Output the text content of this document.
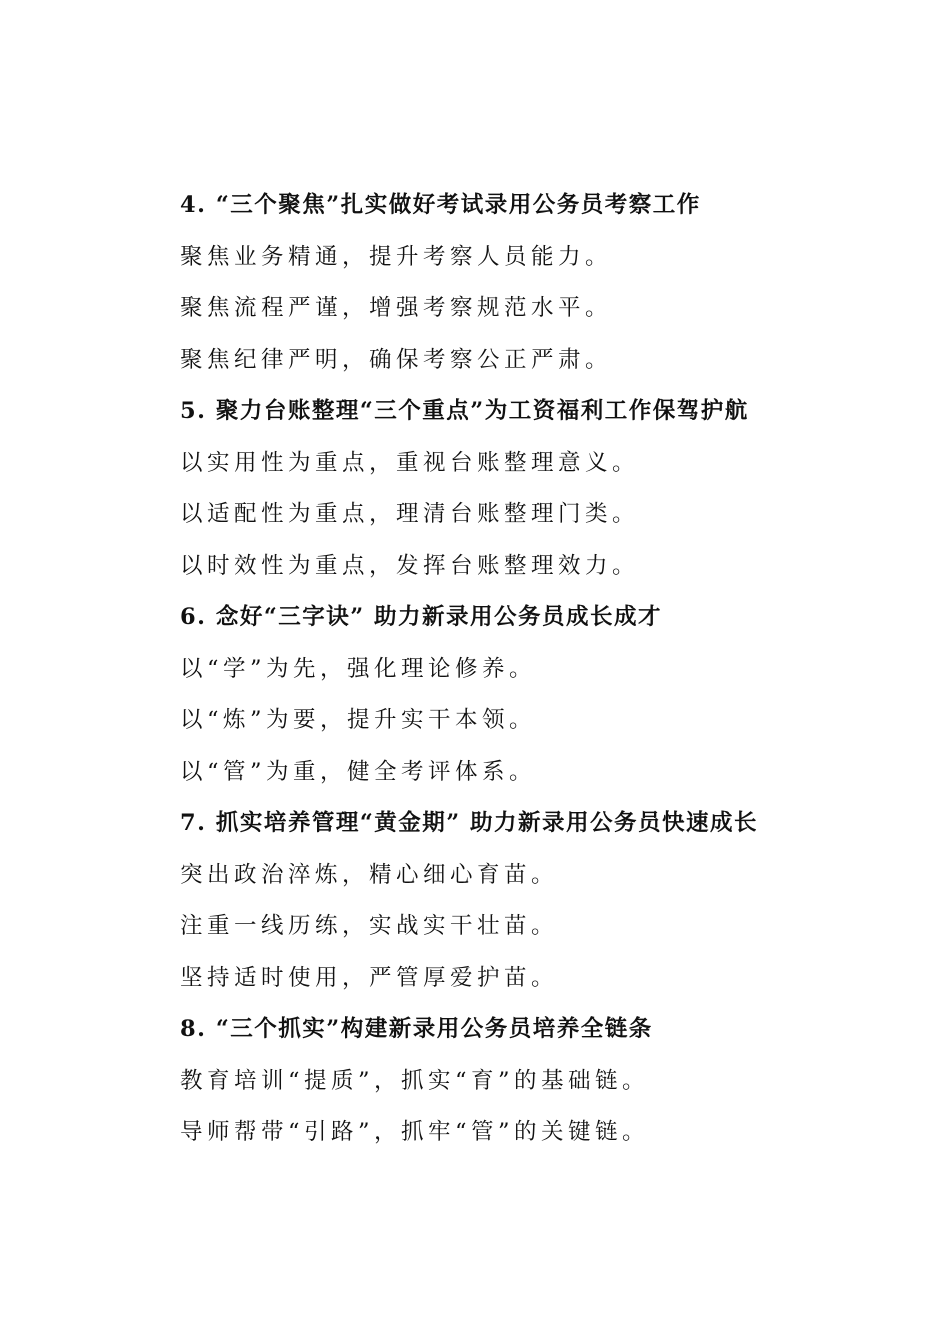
4. “三个聚焦”扎实做好考试录用公务员考察工作
聚焦业务精通，提升考察人员能力。
聚焦流程严谨，增强考察规范水平。
聚焦纪律严明，确保考察公正严肃。
5. 聚力台账整理“三个重点”为工资福利工作保驾护航
以实用性为重点，重视台账整理意义。
以适配性为重点，理清台账整理门类。
以时效性为重点，发挥台账整理效力。
6. 念好“三字诀” 助力新录用公务员成长成才
以“学”为先，强化理论修养。
以“炼”为要，提升实干本领。
以“管”为重，健全考评体系。
7. 抓实培养管理“黄金期” 助力新录用公务员快速成长
突出政治淬炼，精心细心育苗。
注重一线历练，实战实干壮苗。
坚持适时使用，严管厚爱护苗。
8. “三个抓实”构建新录用公务员培养全链条
教育培训“提质”，抓实“育”的基础链。
导师帮带“引路”，抓牢“管”的关键链。
